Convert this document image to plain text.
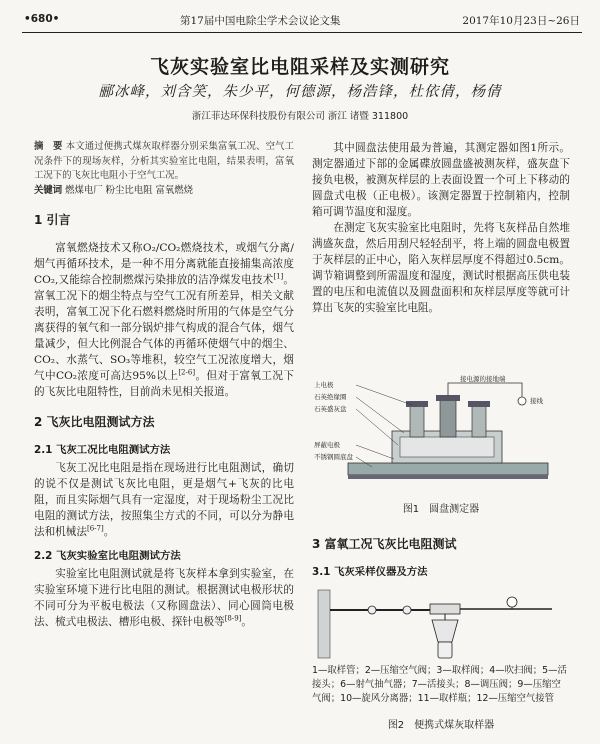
•680•	第17届中国电除尘学术会议论文集	2017年10月23日~26日
飞灰实验室比电阻采样及实测研究
郦冰峰，刘含笑，朱少平，何德源，杨浩锋，杜依倩，杨倩
浙江菲达环保科技股份有限公司 浙江 诸暨 311800

摘　要 本文通过便携式煤灰取样器分别采集富氧工况、空气工况条件下的现场灰样，分析其实验室比电阻，结果表明，富氧工况下的飞灰比电阻小于空气工况。

关键词 燃煤电厂 粉尘比电阻 富氧燃烧

1 引言

富氧燃烧技术又称O₂/CO₂燃烧技术，或烟气分离/烟气再循环技术，是一种不用分离就能直接捕集高浓度CO₂,又能综合控制燃煤污染排放的洁净煤发电技术[1]。富氧工况下的烟尘特点与空气工况有所差异，相关文献表明，富氧工况下化石燃料燃烧时所用的气体是空气分离获得的氧气和一部分锅炉排气构成的混合气体，烟气量减少，但大比例混合气体的再循环使烟气中的烟尘、CO₂、水蒸气、SO₃等堆积，较空气工况浓度增大，烟气中CO₂浓度可高达95%以上[2-6]。但对于富氧工况下的飞灰比电阻特性，目前尚未见相关报道。

2 飞灰比电阻测试方法
2.1 飞灰工况比电阻测试方法

飞灰工况比电阻是指在现场进行比电阻测试，确切的说不仅是测试飞灰比电阻，更是烟气+飞灰的比电阻，而且实际烟气具有一定湿度，对于现场粉尘工况比电阻的测试方法，按照集尘方式的不同，可以分为静电法和机械法[6-7]。

2.2 飞灰实验室比电阻测试方法

实验室比电阻测试就是将飞灰样本拿到实验室，在实验室环境下进行比电阻的测试。根据测试电极形状的不同可分为平板电极法（又称圆盘法）、同心圆筒电极法、梳式电极法、槽形电极、探针电极等[8-9]。

其中圆盘法使用最为普遍，其测定器如图1所示。测定器通过下部的金属碟放圆盘盛被测灰样，盛灰盘下接负电极，被测灰样层的上表面设置一个可上下移动的圆盘式电极（正电极）。该测定器置于控制箱内，控制箱可调节温度和湿度。

在测定飞灰实验室比电阻时，先将飞灰样品自然堆满盛灰盘，然后用刮尺轻轻刮平，将上端的圆盘电极置于灰样层的正中心，陷入灰样层厚度不得超过0.5cm。调节箱调整到所需温度和湿度，测试时根据高压供电装置的电压和电流值以及圆盘面积和灰样层厚度等就可计算出飞灰的实验室比电阻。

上电极
石英绝缘圈
石英盛灰盘
屏蔽电极
不锈钢圆底盘
接电源的接地端
接线
图1　圆盘测定器
3 富氧工况飞灰比电阻测试
3.1 飞灰采样仪器及方法
1—取样管；2—压缩空气阀；3—取样阀；4—吹扫阀；5—活接头；6—射气抽气器；7—活接头；8—调压阀；9—压缩空气阀；10—旋风分离器；11—取样瓶；12—压缩空气接管
图2　便携式煤灰取样器
